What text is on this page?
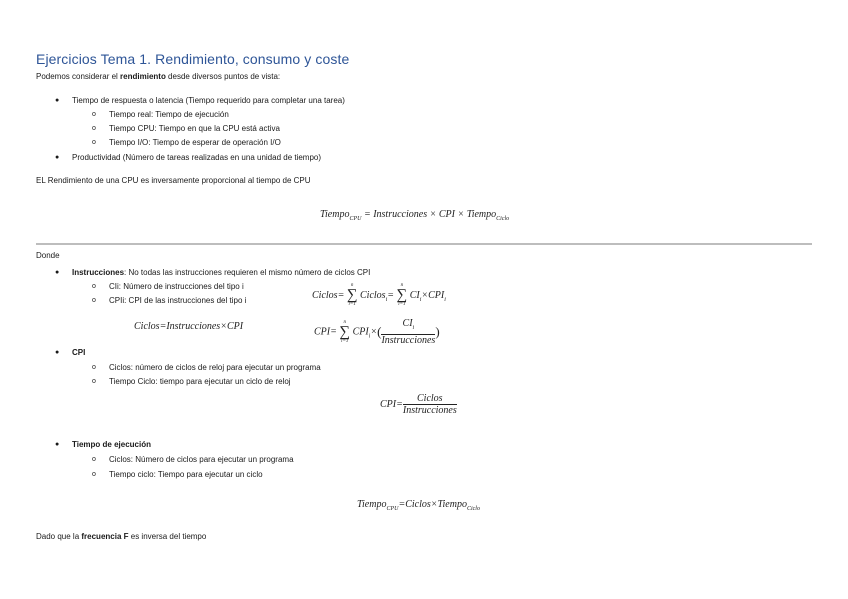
Ejercicios Tema 1. Rendimiento, consumo y coste
Podemos considerar el rendimiento desde diversos puntos de vista:
● Tiempo de respuesta o latencia (Tiempo requerido para completar una tarea)
o Tiempo real: Tiempo de ejecución
o Tiempo CPU: Tiempo en que la CPU está activa
o Tiempo I/O: Tiempo de esperar de operación I/O
● Productividad (Número de tareas realizadas en una unidad de tiempo)
EL Rendimiento de una CPU es inversamente proporcional al tiempo de CPU
Tiempo$_{CPU}$ = Instrucciones × CPI × Tiempo$_{Ciclo}$
Donde
● Instrucciones: No todas las instrucciones requieren el mismo número de ciclos CPI
o CIi: Número de instrucciones del tipo i
o CPIi: CPI de las instrucciones del tipo i	Ciclos=
n
∑
i=1
Ciclos$_i$=
n
∑
i=1
$CI_i\times CPI_i$
Ciclos=Instrucciones×CPI	CPI=
n
∑
i=1
$CPI_i\times( \frac{CI_i}{\text{Instrucciones}}$ )
● CPI
o Ciclos: número de ciclos de reloj para ejecutar un programa
o Tiempo Ciclo: tiempo para ejecutar un ciclo de reloj
$CPI= \frac{\text{Ciclos}}{\text{Instrucciones}}$
● Tiempo de ejecución
o Ciclos: Número de ciclos para ejecutar un programa
o Tiempo ciclo: Tiempo para ejecutar un ciclo
Tiempo$_{CPU}$=Ciclos×Tiempo$_{Ciclo}$
Dado que la frecuencia F es inversa del tiempo
